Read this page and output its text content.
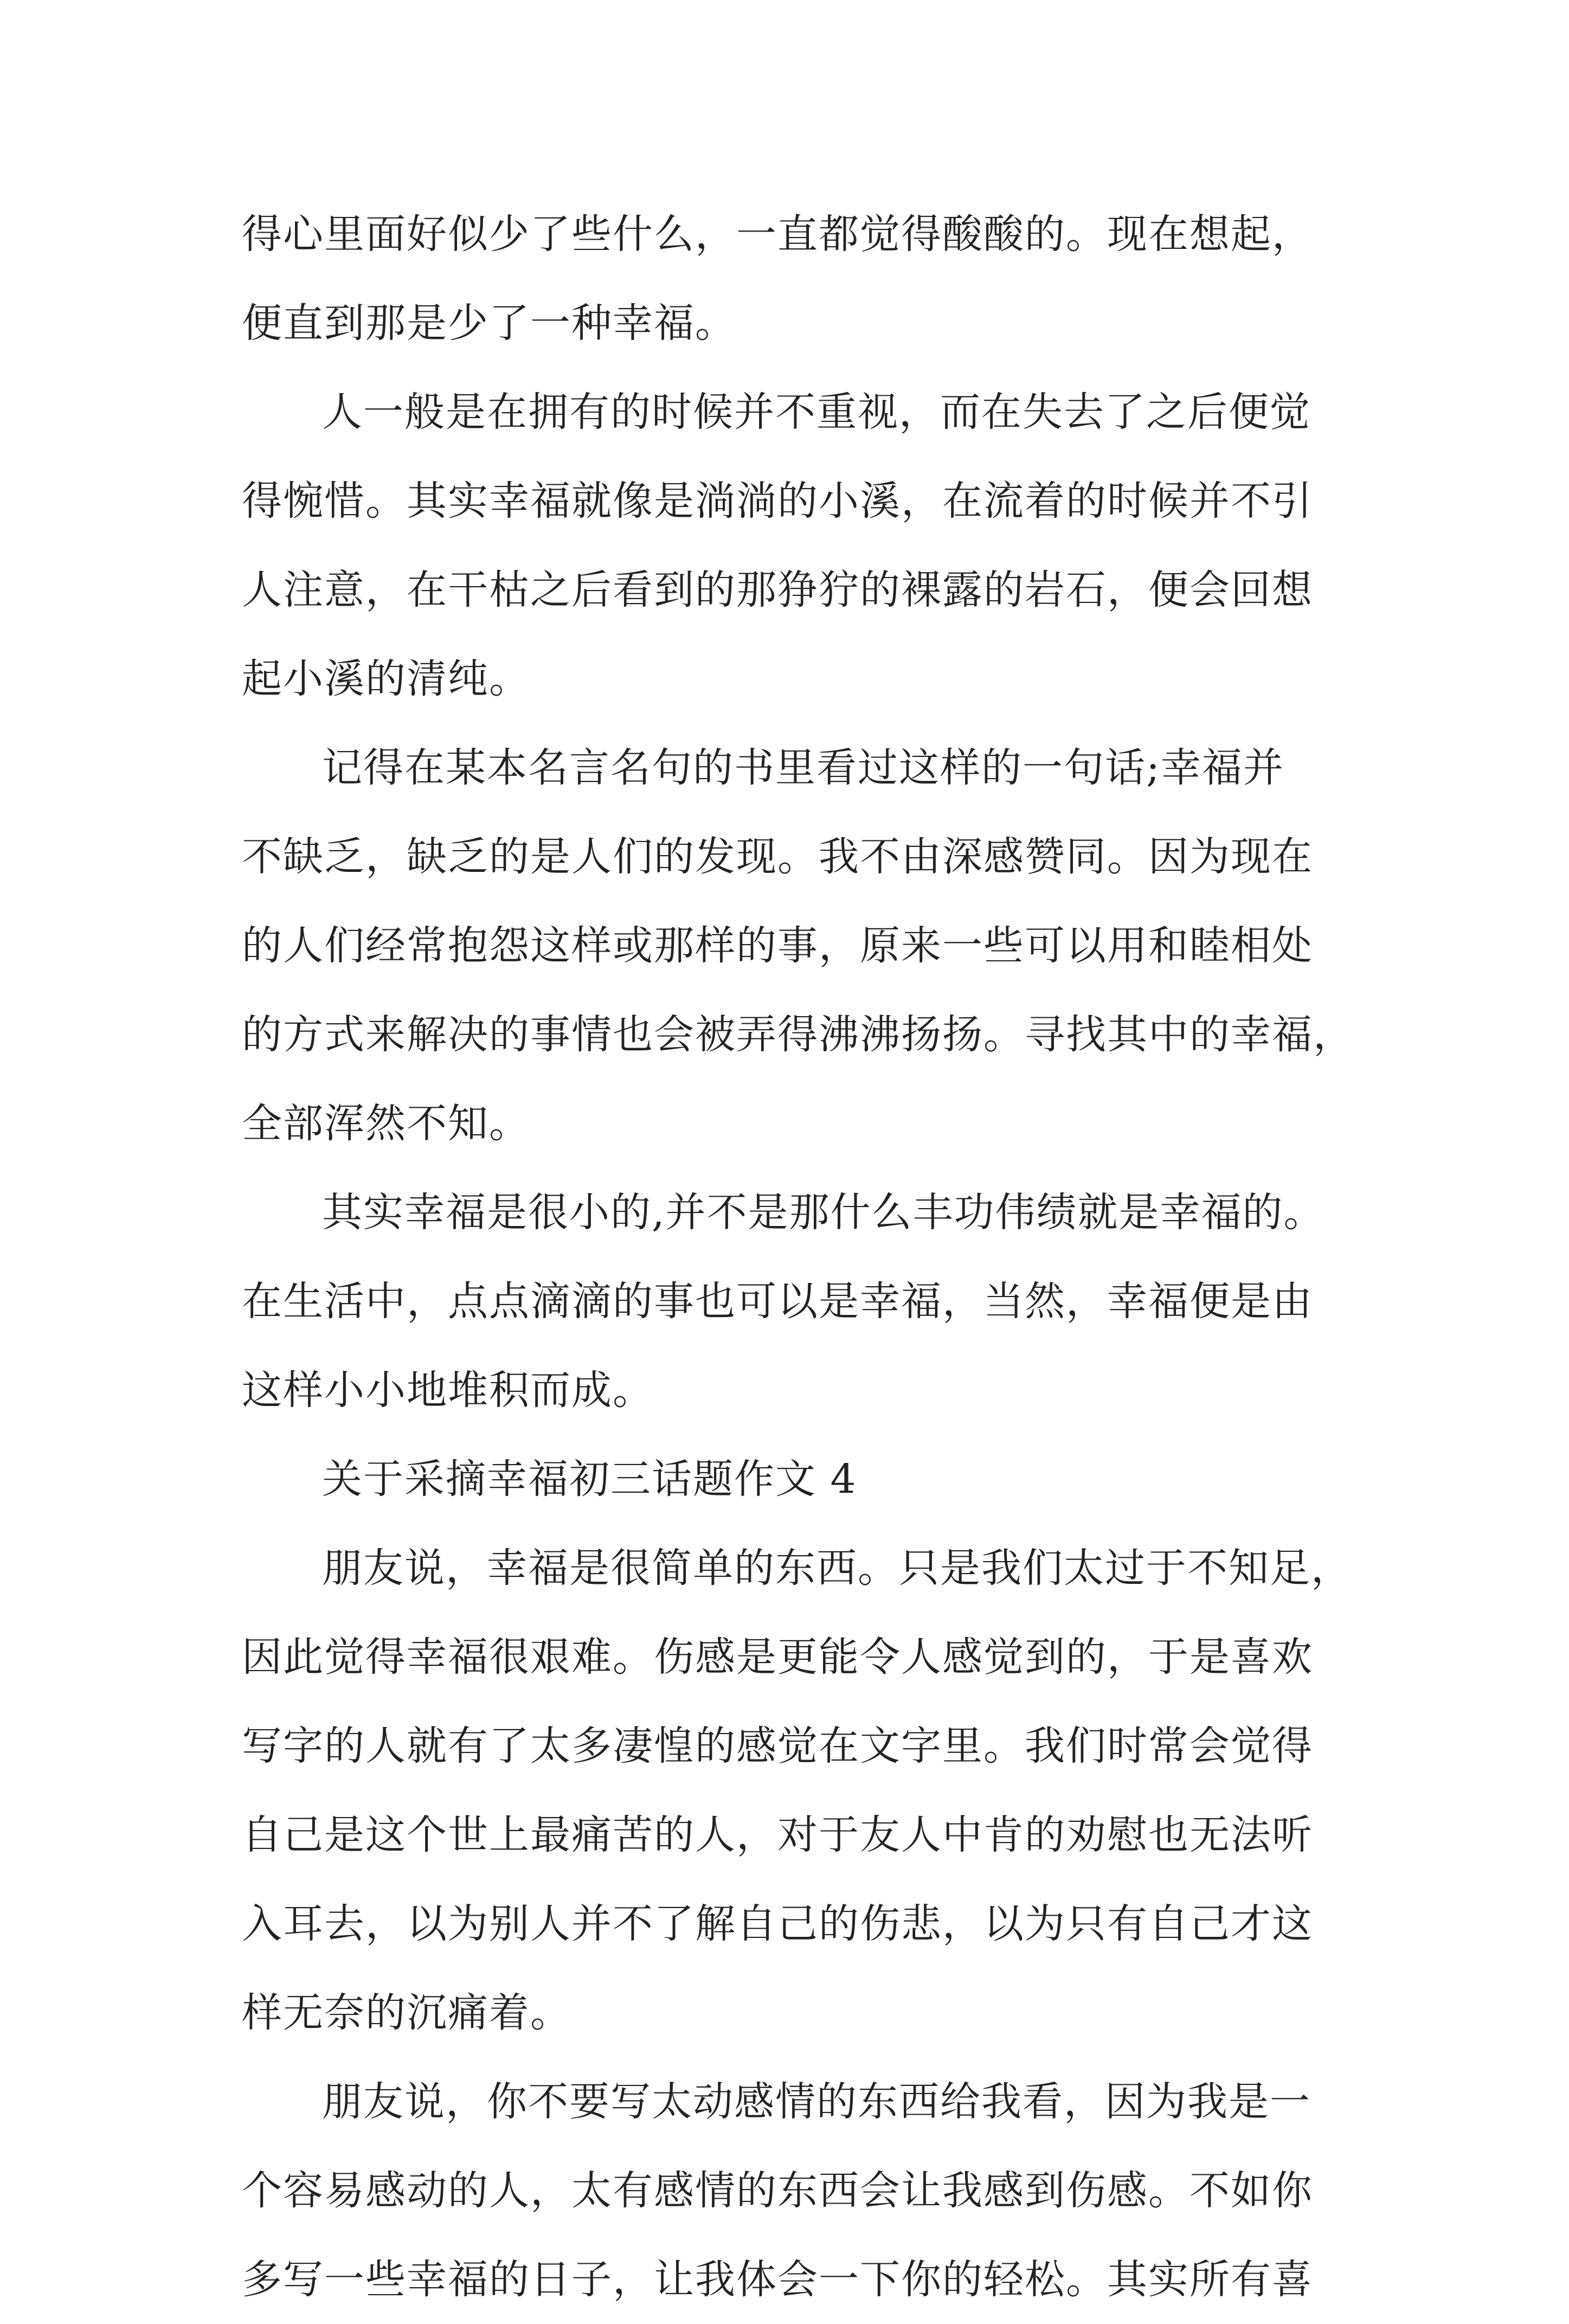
得心里面好似少了些什么，一直都觉得酸酸的。现在想起，
便直到那是少了一种幸福。
人一般是在拥有的时候并不重视，而在失去了之后便觉
得惋惜。其实幸福就像是淌淌的小溪，在流着的时候并不引
人注意，在干枯之后看到的那狰狞的裸露的岩石，便会回想
起小溪的清纯。
记得在某本名言名句的书里看过这样的一句话;幸福并
不缺乏，缺乏的是人们的发现。我不由深感赞同。因为现在
的人们经常抱怨这样或那样的事，原来一些可以用和睦相处
的方式来解决的事情也会被弄得沸沸扬扬。寻找其中的幸福，
全部浑然不知。
其实幸福是很小的,并不是那什么丰功伟绩就是幸福的。
在生活中，点点滴滴的事也可以是幸福，当然，幸福便是由
这样小小地堆积而成。
关于采摘幸福初三话题作文 4
朋友说，幸福是很简单的东西。只是我们太过于不知足，
因此觉得幸福很艰难。伤感是更能令人感觉到的，于是喜欢
写字的人就有了太多凄惶的感觉在文字里。我们时常会觉得
自己是这个世上最痛苦的人，对于友人中肯的劝慰也无法听
入耳去，以为别人并不了解自己的伤悲，以为只有自己才这
样无奈的沉痛着。
朋友说，你不要写太动感情的东西给我看，因为我是一
个容易感动的人，太有感情的东西会让我感到伤感。不如你
多写一些幸福的日子，让我体会一下你的轻松。其实所有喜
